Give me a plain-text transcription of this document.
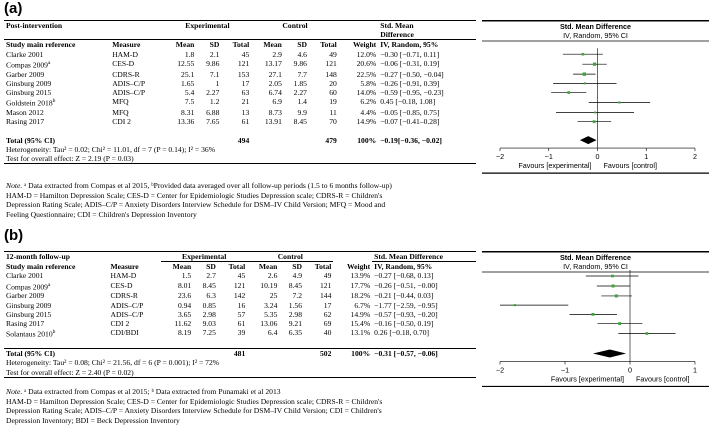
(a)
Post-intervention		Experimental			Control				Std. Mean
									Difference
Study main reference	Measure	Mean	SD	Total	Mean	SD	Total	Weight	IV, Random, 95%
Clarke 2001	HAM-D	1.8	2.1	45	2.9	4.6	49	12.0%	−0.30 [−0.71, 0.11]
Compas 2009$^a$	CES-D	12.55	9.86	121	13.17	9.86	121	20.6%	−0.06 [−0.31, 0.19]
Garber 2009	CDRS-R	25.1	7.1	153	27.1	7.7	148	22.5%	−0.27 [−0.50, −0.04]
Ginsburg 2009	ADIS–C/P	1.65	1	17	2.05	1.85	20	5.8%	−0.26 [−0.91, 0.39]
Ginsburg 2015	ADIS–C/P	5.4	2.27	63	6.74	2.27	60	14.0%	−0.59 [−0.95, −0.23]
Goldstein 2018$^b$	MFQ	7.5	1.2	21	6.9	1.4	19	6.2%	0.45 [−0.18, 1.08]
Mason 2012	MFQ	8.31	6.88	13	8.73	9.9	11	4.4%	−0.05 [−0.85, 0.75]
Rasing 2017	CDI 2	13.36	7.65	61	13.91	8.45	70	14.9%	−0.07 [−0.41–0.28]

Total (95% CI)				494			479	100%	−0.19[−0.36, −0.02]
Heterogeneity: Tau² = 0.02; Chi² = 11.01, df = 7 (P = 0.14); I² = 36%									
Test for overall effect: Z = 2.19 (P = 0.03)									
Note. ᵃ Data extracted from Compas et al 2015, ᵇProvided data averaged over all follow-up periods (1.5 to 6 months follow-up)
HAM-D = Hamilton Depression Scale; CES-D = Center for Epidemiologic Studies Depression scale; CDRS-R = Children's
Depression Rating Scale; ADIS–C/P = Anxiety Disorders Interview Schedule for DSM–IV Child Version; MFQ = Mood and
Feeling Questionnaire; CDI = Children's Depression Inventory
Std. Mean Difference
IV, Random, 95% CI
−2	−1	0	1	2
Favours [experimental] Favours [control]
(b)
12-month follow-up		Experimental			Control				Std. Mean Difference
Study main reference	Measure	Mean	SD	Total	Mean	SD	Total	Weight	IV, Random, 95%
Clarke 2001	HAM-D	1.5	2.7	45	2.6	4.9	49	13.9%	−0.27 [−0.68, 0.13]
Compas 2009$^a$	CES-D	8.01	8.45	121	10.19	8.45	121	17.7%	−0.26 [−0.51, −0.00]
Garber 2009	CDRS-R	23.6	6.3	142	25	7.2	144	18.2%	−0.21 [−0.44, 0.03]
Ginsburg 2009	ADIS–C/P	0.94	0.85	16	3.24	1.56	17	6.7%	−1.77 [−2.59, −0.95]
Ginsburg 2015	ADIS–C/P	3.65	2.98	57	5.35	2.98	62	14.9%	−0.57 [−0.93, −0.20]
Rasing 2017	CDI 2	11.62	9.03	61	13.06	9.21	69	15.4%	−0.16 [−0.50, 0.19]
Solantaus 2010$^b$	CDI/BDI	8.19	7.25	39	6.4	6.35	40	13.1%	0.26 [−0.18, 0.70]

Total (95% CI)				481			502	100%	−0.31 [−0.57, −0.06]
Heterogeneity: Tau² = 0.08; Chi² = 21.56, df = 6 (P = 0.001); I² = 72%									
Test for overall effect: Z = 2.40 (P = 0.02)									
Note. ᵃ Data extracted from Compas et al 2015; ᵇ Data extracted from Punamaki et al 2013
HAM-D = Hamilton Depression Scale; CES-D = Center for Epidemiologic Studies Depression scale; CDRS-R = Children's
Depression Rating Scale; ADIS–C/P = Anxiety Disorders Interview Schedule for DSM–IV Child Version; CDI = Children's
Depression Inventory; BDI = Beck Depression Inventory
Std. Mean Difference
IV, Random, 95% CI
−2	−1	0	1
Favours [experimental] Favours [control]
